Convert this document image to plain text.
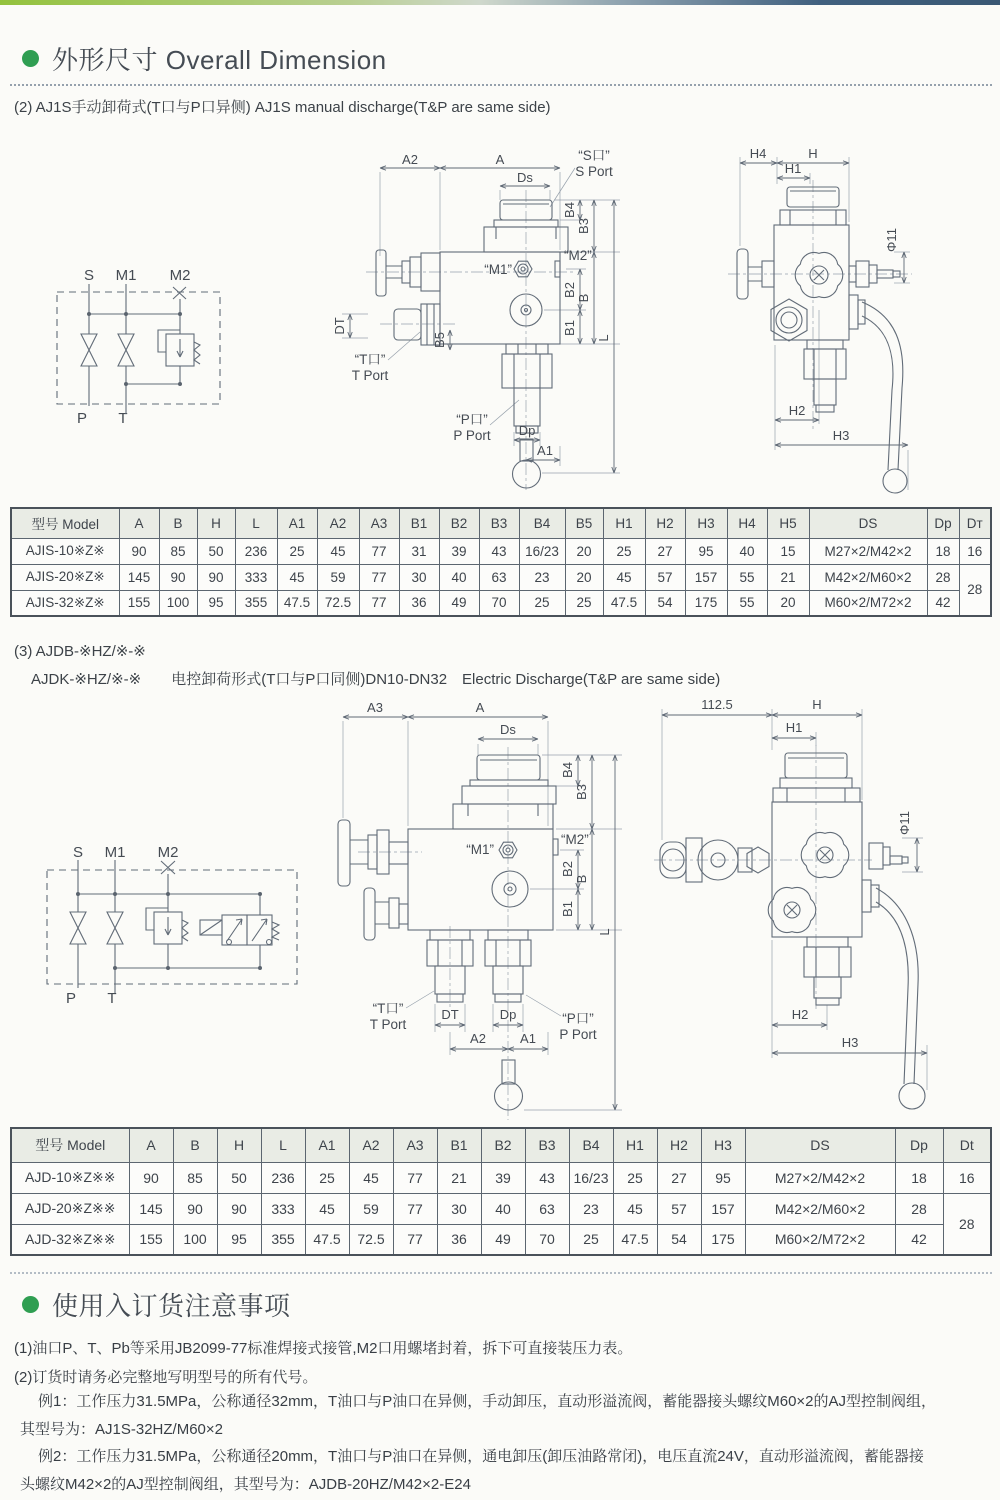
外形尺寸 Overall Dimension
(2) AJ1S手动卸荷式(T口与P口异侧) AJ1S manual discharge(T&P are same side)
S M1 M2
P T
A2	A
Ds
“S口”
S Port
“M1”
“M2”
B4
B3
B2
B
B1
L
B5
DT
“T口”
T Port
“P口”
P Port Dp
A1
H4	H
H1
Φ11
H2
H3
型号 Model	A	B	H	L	A1	A2	A3	B1	B2	B3	B4	B5	H1	H2	H3	H4	H5	DS	Dp	Dт
AJIS-10※Z※	90	85	50	236	25	45	77	31	39	43	16/23	20	25	27	95	40	15	M27×2/M42×2	18	16
AJIS-20※Z※	145	90	90	333	45	59	77	30	40	63	23	20	45	57	157	55	21	M42×2/M60×2	28	28
AJIS-32※Z※	155	100	95	355	47.5	72.5	77	36	49	70	25	25	47.5	54	175	55	20	M60×2/M72×2	42	
(3) AJDB-※HZ/※-※
AJDK-※HZ/※-※ 电控卸荷形式(T口与P口同侧)DN10-DN32　Electric Discharge(T&P are same side)
S M1 M2
P T
A3	A
Ds
“M1”
“M2”
B4
B3
B2
B
B1
L
“T口”
T Port
DT	Dp	“P口”
P Port
A2	A1
112.5	H
H1
Φ11
H2
H3
型号 Model	A	B	H	L	A1	A2	A3	B1	B2	B3	B4	H1	H2	H3	DS	Dp	Dt
AJD-10※Z※※	90	85	50	236	25	45	77	21	39	43	16/23	25	27	95	M27×2/M42×2	18	16
AJD-20※Z※※	145	90	90	333	45	59	77	30	40	63	23	45	57	157	M42×2/M60×2	28	28
AJD-32※Z※※	155	100	95	355	47.5	72.5	77	36	49	70	25	47.5	54	175	M60×2/M72×2	42	
使用入订货注意事项
(1)油口P、T、Pb等采用JB2099-77标准焊接式接管,M2口用螺堵封着，拆下可直接装压力表。
(2)订货时请务必完整地写明型号的所有代号。
例1：工作压力31.5MPa，公称通径32mm，T油口与P油口在异侧，手动卸压，直动形溢流阀，蓄能器接头螺纹M60×2的AJ型控制阀组，
其型号为：AJ1S-32HZ/M60×2
例2：工作压力31.5MPa，公称通径20mm，T油口与P油口在异侧，通电卸压(卸压油路常闭)，电压直流24V，直动形溢流阀，蓄能器接
头螺纹M42×2的AJ型控制阀组，其型号为：AJDB-20HZ/M42×2-E24
